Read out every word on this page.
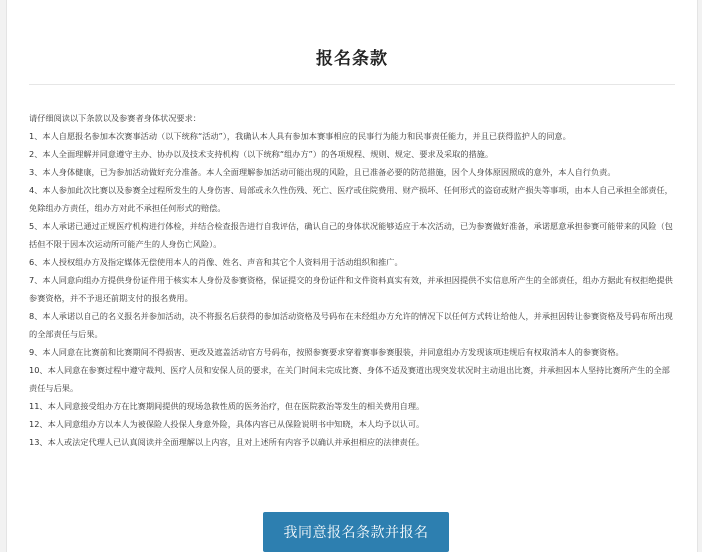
报名条款
请仔细阅读以下条款以及参赛者身体状况要求：
1、本人自愿报名参加本次赛事活动（以下统称“活动”），我确认本人具有参加本赛事相应的民事行为能力和民事责任能力，并且已获得监护人的同意。
2、本人全面理解并同意遵守主办、协办以及技术支持机构（以下统称“组办方”）的各项规程、规则、规定、要求及采取的措施。
3、本人身体健康，已为参加活动做好充分准备。本人全面理解参加活动可能出现的风险，且已准备必要的防范措施，因个人身体原因照成的意外，本人自行负责。
4、本人参加此次比赛以及参赛全过程所发生的人身伤害、局部或永久性伤残、死亡、医疗或住院费用、财产损坏、任何形式的盗窃或财产损失等事项，由本人自己承担全部责任，免除组办方责任，组办方对此不承担任何形式的赔偿。
5、本人承诺已通过正规医疗机构进行体检，并结合检查报告进行自我评估，确认自己的身体状况能够适应于本次活动，已为参赛做好准备，承诺愿意承担参赛可能带来的风险（包括但不限于因本次运动所可能产生的人身伤亡风险）。
6、本人授权组办方及指定媒体无偿使用本人的肖像、姓名、声音和其它个人资料用于活动组织和推广。
7、本人同意向组办方提供身份证件用于核实本人身份及参赛资格，保证提交的身份证件和文件资料真实有效，并承担因提供不实信息所产生的全部责任，组办方据此有权拒绝提供参赛资格，并不予退还前期支付的报名费用。
8、本人承诺以自己的名义报名并参加活动，决不将报名后获得的参加活动资格及号码布在未经组办方允许的情况下以任何方式转让给他人，并承担因转让参赛资格及号码布所出现的全部责任与后果。
9、本人同意在比赛前和比赛期间不得损害、更改及遮盖活动官方号码布，按照参赛要求穿着赛事参赛服装，并同意组办方发现该项违规后有权取消本人的参赛资格。
10、本人同意在参赛过程中遵守裁判、医疗人员和安保人员的要求，在关门时间未完成比赛、身体不适及赛道出现突发状况时主动退出比赛，并承担因本人坚持比赛所产生的全部责任与后果。
11、本人同意接受组办方在比赛期间提供的现场急救性质的医务治疗，但在医院救治等发生的相关费用自理。
12、本人同意组办方以本人为被保险人投保人身意外险，具体内容已从保险说明书中知晓，本人均予以认可。
13、本人或法定代理人已认真阅读并全面理解以上内容，且对上述所有内容予以确认并承担相应的法律责任。
我同意报名条款并报名
